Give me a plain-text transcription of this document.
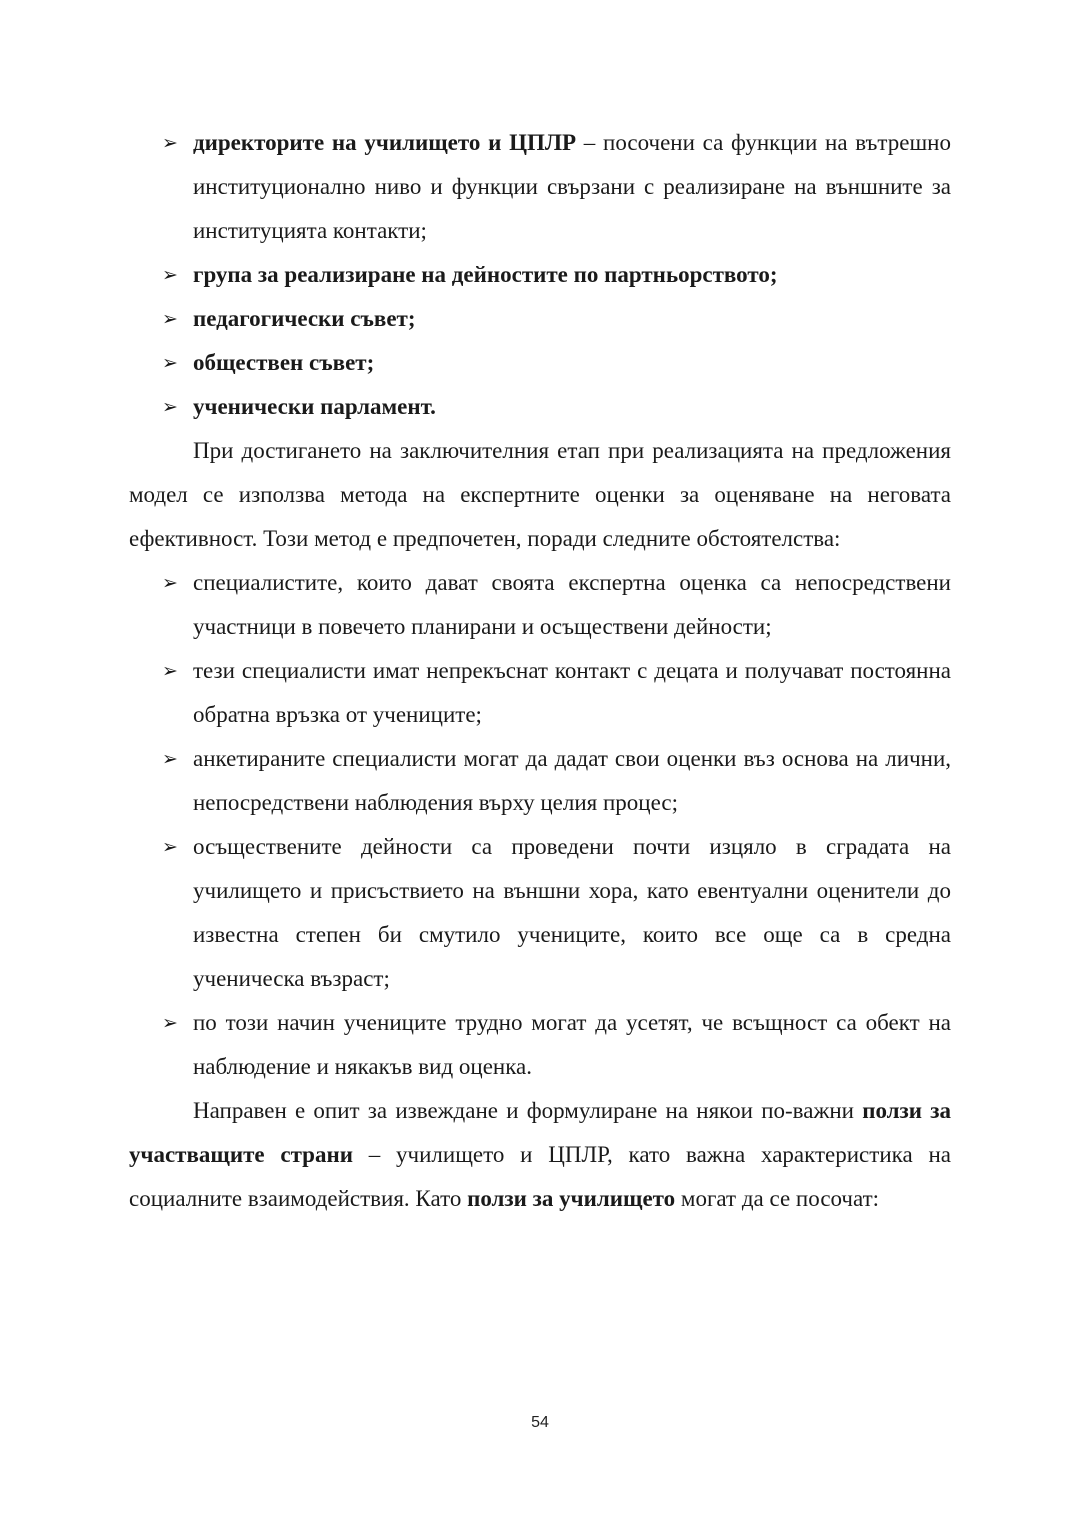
➢ директорите на училището и ЦПЛР – посочени са функции на вътрешно институционално ниво и функции свързани с реализиране на външните за институцията контакти;
➢ група за реализиране на дейностите по партньорството;
➢ педагогически съвет;
➢ обществен съвет;
➢ ученически парламент.

При достигането на заключителния етап при реализацията на предложения модел се използва метода на експертните оценки за оценяване на неговата ефективност. Този метод е предпочетен, поради следните обстоятелства:

➢ специалистите, които дават своята експертна оценка са непосредствени участници в повечето планирани и осъществени дейности;
➢ тези специалисти имат непрекъснат контакт с децата и получават постоянна обратна връзка от учениците;
➢ анкетираните специалисти могат да дадат свои оценки въз основа на лични, непосредствени наблюдения върху целия процес;
➢ осъществените дейности са проведени почти изцяло в сградата на училището и присъствието на външни хора, като евентуални оценители до известна степен би смутило учениците, които все още са в средна ученическа възраст;
➢ по този начин учениците трудно могат да усетят, че всъщност са обект на наблюдение и някакъв вид оценка.

Направен е опит за извеждане и формулиране на някои по-важни ползи за участващите страни – училището и ЦПЛР, като важна характеристика на социалните взаимодействия. Като ползи за училището могат да се посочат:

54
